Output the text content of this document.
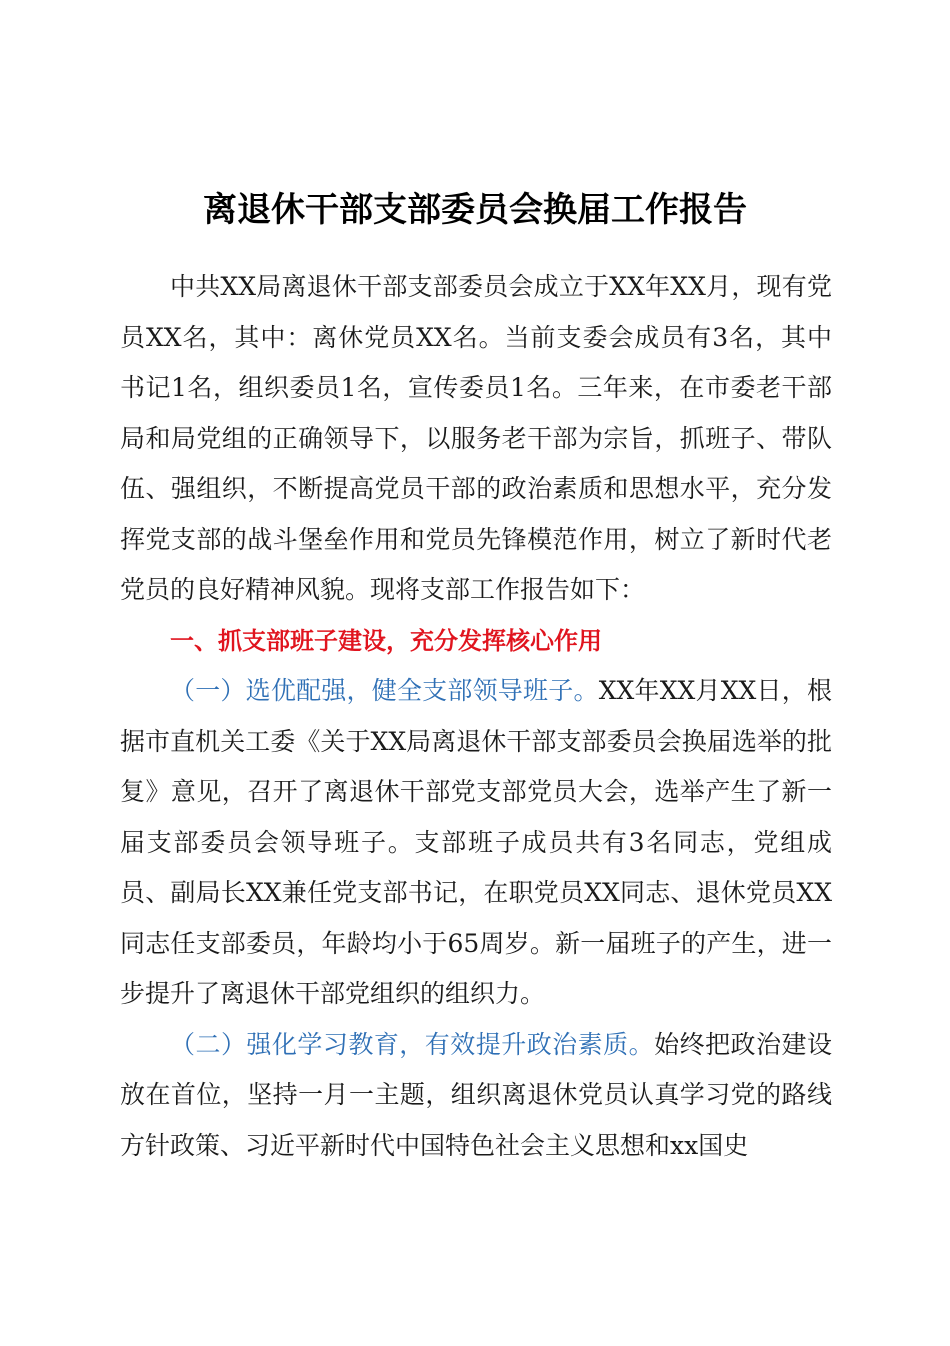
离退休干部支部委员会换届工作报告

中共XX局离退休干部支部委员会成立于XX年XX月，现有党员XX名，其中：离休党员XX名。当前支委会成员有3名，其中书记1名，组织委员1名，宣传委员1名。三年来，在市委老干部局和局党组的正确领导下，以服务老干部为宗旨，抓班子、带队伍、强组织，不断提高党员干部的政治素质和思想水平，充分发挥党支部的战斗堡垒作用和党员先锋模范作用，树立了新时代老党员的良好精神风貌。现将支部工作报告如下：

一、抓支部班子建设，充分发挥核心作用

（一）选优配强，健全支部领导班子。XX年XX月XX日，根据市直机关工委《关于XX局离退休干部支部委员会换届选举的批复》意见，召开了离退休干部党支部党员大会，选举产生了新一届支部委员会领导班子。支部班子成员共有3名同志，党组成员、副局长XX兼任党支部书记，在职党员XX同志、退休党员XX同志任支部委员，年龄均小于65周岁。新一届班子的产生，进一步提升了离退休干部党组织的组织力。

（二）强化学习教育，有效提升政治素质。始终把政治建设放在首位，坚持一月一主题，组织离退休党员认真学习党的路线方针政策、习近平新时代中国特色社会主义思想和xx国史
